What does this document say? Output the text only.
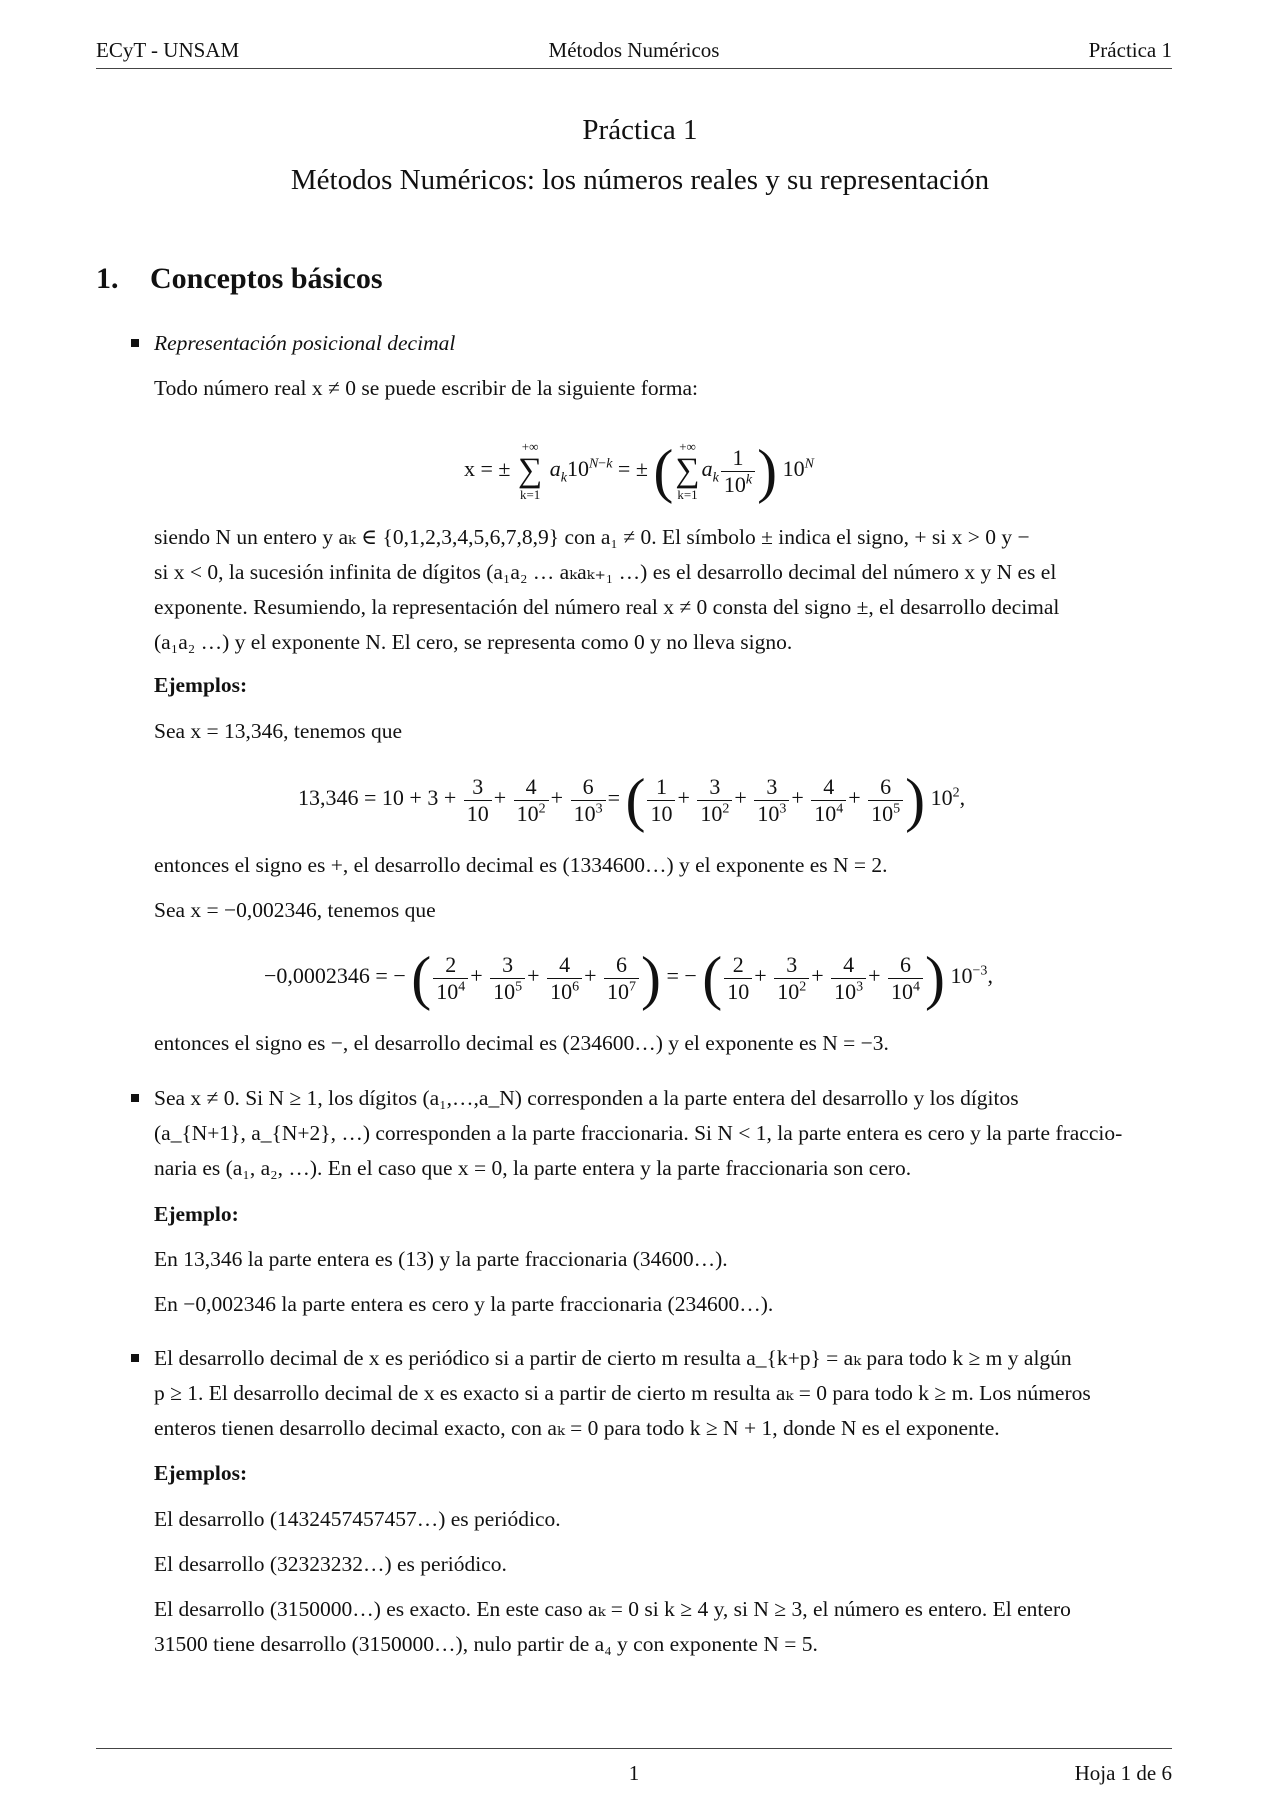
ECyT - UNSAM	Métodos Numéricos	Práctica 1
Práctica 1
Métodos Numéricos: los números reales y su representación
1. Conceptos básicos
Representación posicional decimal
Todo número real x ≠ 0 se puede escribir de la siguiente forma:
x = ± +∞
∑
k=1 $a_k10^{N-k}$ = ± ( +∞
∑
$k=1a_k \frac{1}{10^k}$ ) $10^N$
siendo N un entero y aₖ ∈ {0,1,2,3,4,5,6,7,8,9} con a₁ ≠ 0. El símbolo ± indica el signo, + si x > 0 y −
si x < 0, la sucesión infinita de dígitos (a₁a₂ … aₖaₖ₊₁ …) es el desarrollo decimal del número x y N es el
exponente. Resumiendo, la representación del número real x ≠ 0 consta del signo ±, el desarrollo decimal
(a₁a₂ …) y el exponente N. El cero, se representa como 0 y no lleva signo.
Ejemplos:
Sea x = 13,346, tenemos que
$13,346 = 10 + 3 + \frac{3}{10} + \frac{4}{10^2} + \frac{6}{10^3}$ = ( $\frac{1}{10} + \frac{3}{10^2} + \frac{3}{10^3} + \frac{4}{10^4} + \frac{6}{10^5}$ ) $10^2$,
entonces el signo es +, el desarrollo decimal es (1334600…) y el exponente es N = 2.
Sea x = −0,002346, tenemos que
−0,0002346 = − ( $\frac{2}{10^4} + \frac{3}{10^5} + \frac{4}{10^6} + \frac{6}{10^7}$ ) = − ( $\frac{2}{10} + \frac{3}{10^2} + \frac{4}{10^3} + \frac{6}{10^4}$ ) $10^{-3}$,
entonces el signo es −, el desarrollo decimal es (234600…) y el exponente es N = −3.
Sea x ≠ 0. Si N ≥ 1, los dígitos (a₁,…,a_N) corresponden a la parte entera del desarrollo y los dígitos
(a_{N+1}, a_{N+2}, …) corresponden a la parte fraccionaria. Si N < 1, la parte entera es cero y la parte fraccio-
naria es (a₁, a₂, …). En el caso que x = 0, la parte entera y la parte fraccionaria son cero.
Ejemplo:
En 13,346 la parte entera es (13) y la parte fraccionaria (34600…).
En −0,002346 la parte entera es cero y la parte fraccionaria (234600…).
El desarrollo decimal de x es periódico si a partir de cierto m resulta a_{k+p} = aₖ para todo k ≥ m y algún
p ≥ 1. El desarrollo decimal de x es exacto si a partir de cierto m resulta aₖ = 0 para todo k ≥ m. Los números
enteros tienen desarrollo decimal exacto, con aₖ = 0 para todo k ≥ N + 1, donde N es el exponente.
Ejemplos:
El desarrollo (1432457457457…) es periódico.
El desarrollo (32323232…) es periódico.
El desarrollo (3150000…) es exacto. En este caso aₖ = 0 si k ≥ 4 y, si N ≥ 3, el número es entero. El entero
31500 tiene desarrollo (3150000…), nulo partir de a₄ y con exponente N = 5.
1	Hoja 1 de 6
